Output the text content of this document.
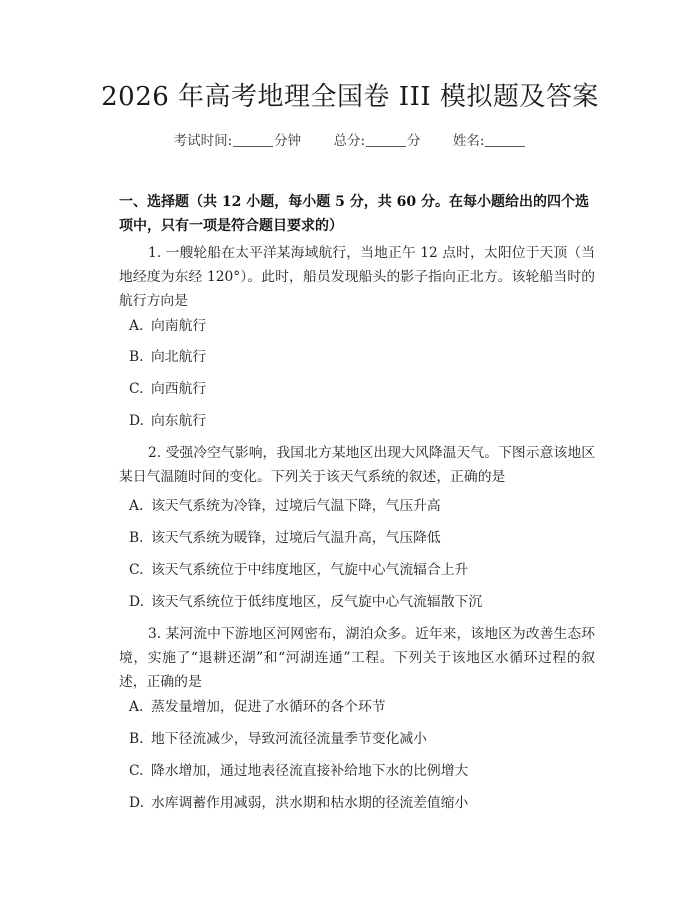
2026 年高考地理全国卷 III 模拟题及答案
考试时间:	分钟 总分:	分 姓名:
一、选择题（共 12 小题，每小题 5 分，共 60 分。在每小题给出的四个选项中，只有一项是符合题目要求的）
1. 一艘轮船在太平洋某海域航行，当地正午 12 点时，太阳位于天顶（当地经度为东经 120°）。此时，船员发现船头的影子指向正北方。该轮船当时的航行方向是
A. 向南航行
B. 向北航行
C. 向西航行
D. 向东航行
2. 受强冷空气影响，我国北方某地区出现大风降温天气。下图示意该地区某日气温随时间的变化。下列关于该天气系统的叙述，正确的是
A. 该天气系统为冷锋，过境后气温下降，气压升高
B. 该天气系统为暖锋，过境后气温升高，气压降低
C. 该天气系统位于中纬度地区，气旋中心气流辐合上升
D. 该天气系统位于低纬度地区，反气旋中心气流辐散下沉
3. 某河流中下游地区河网密布，湖泊众多。近年来，该地区为改善生态环境，实施了“退耕还湖”和“河湖连通”工程。下列关于该地区水循环过程的叙述，正确的是
A. 蒸发量增加，促进了水循环的各个环节
B. 地下径流减少，导致河流径流量季节变化减小
C. 降水增加，通过地表径流直接补给地下水的比例增大
D. 水库调蓄作用减弱，洪水期和枯水期的径流差值缩小
